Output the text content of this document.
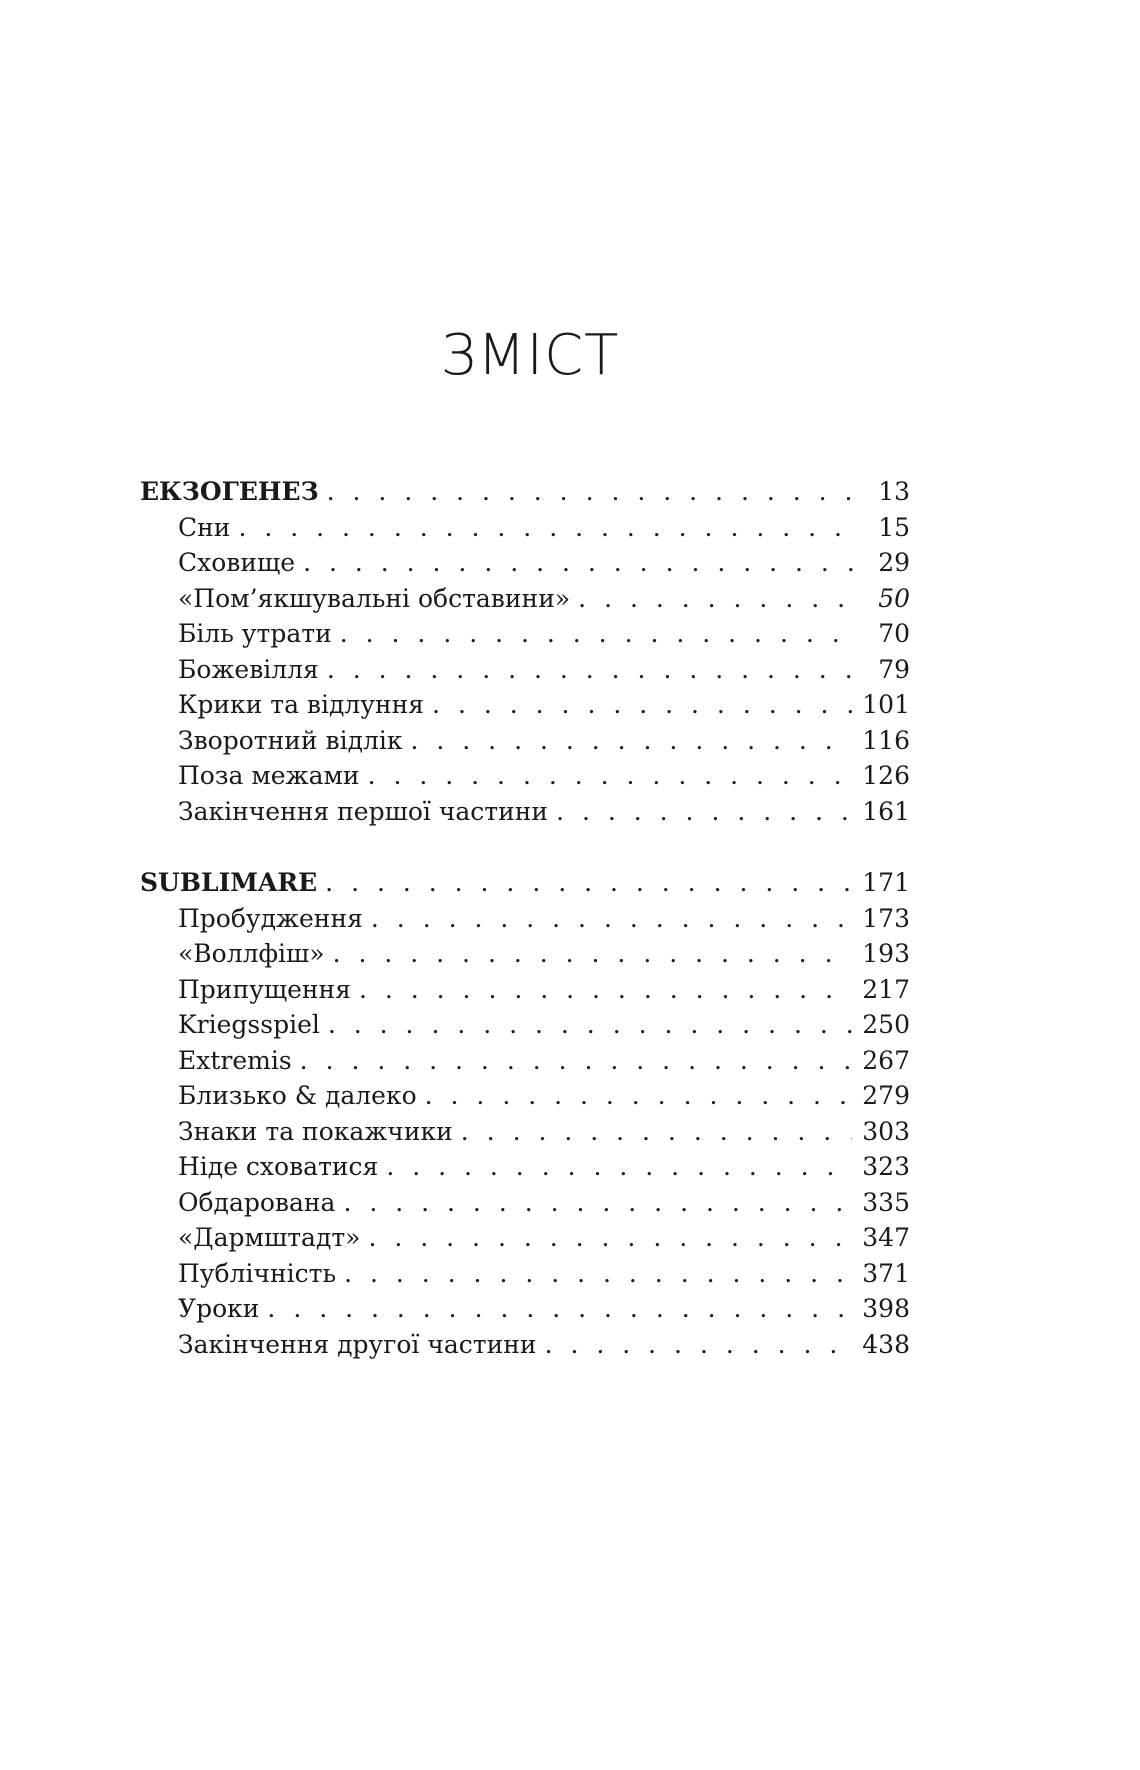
ЗМІСТ
ЕКЗОГЕНЕЗ . . .	13
Сни . . .	15
Сховище . . .	29
«Пом’якшувальні обставини» . . .	50
Біль утрати . . .	70
Божевілля . . .	79
Крики та відлуння . . .	101
Зворотний відлік . . .	116
Поза межами . . .	126
Закінчення першої частини . . .	161
SUBLIMARE . . .	171
Пробудження . . .	173
«Воллфіш» . . .	193
Припущення . . .	217
Kriegsspiel . . .	250
Extremis . . .	267
Близько & далеко . . .	279
Знаки та покажчики . . .	303
Ніде сховатися . . .	323
Обдарована . . .	335
«Дармштадт» . . .	347
Публічність . . .	371
Уроки . . .	398
Закінчення другої частини . . .	438
